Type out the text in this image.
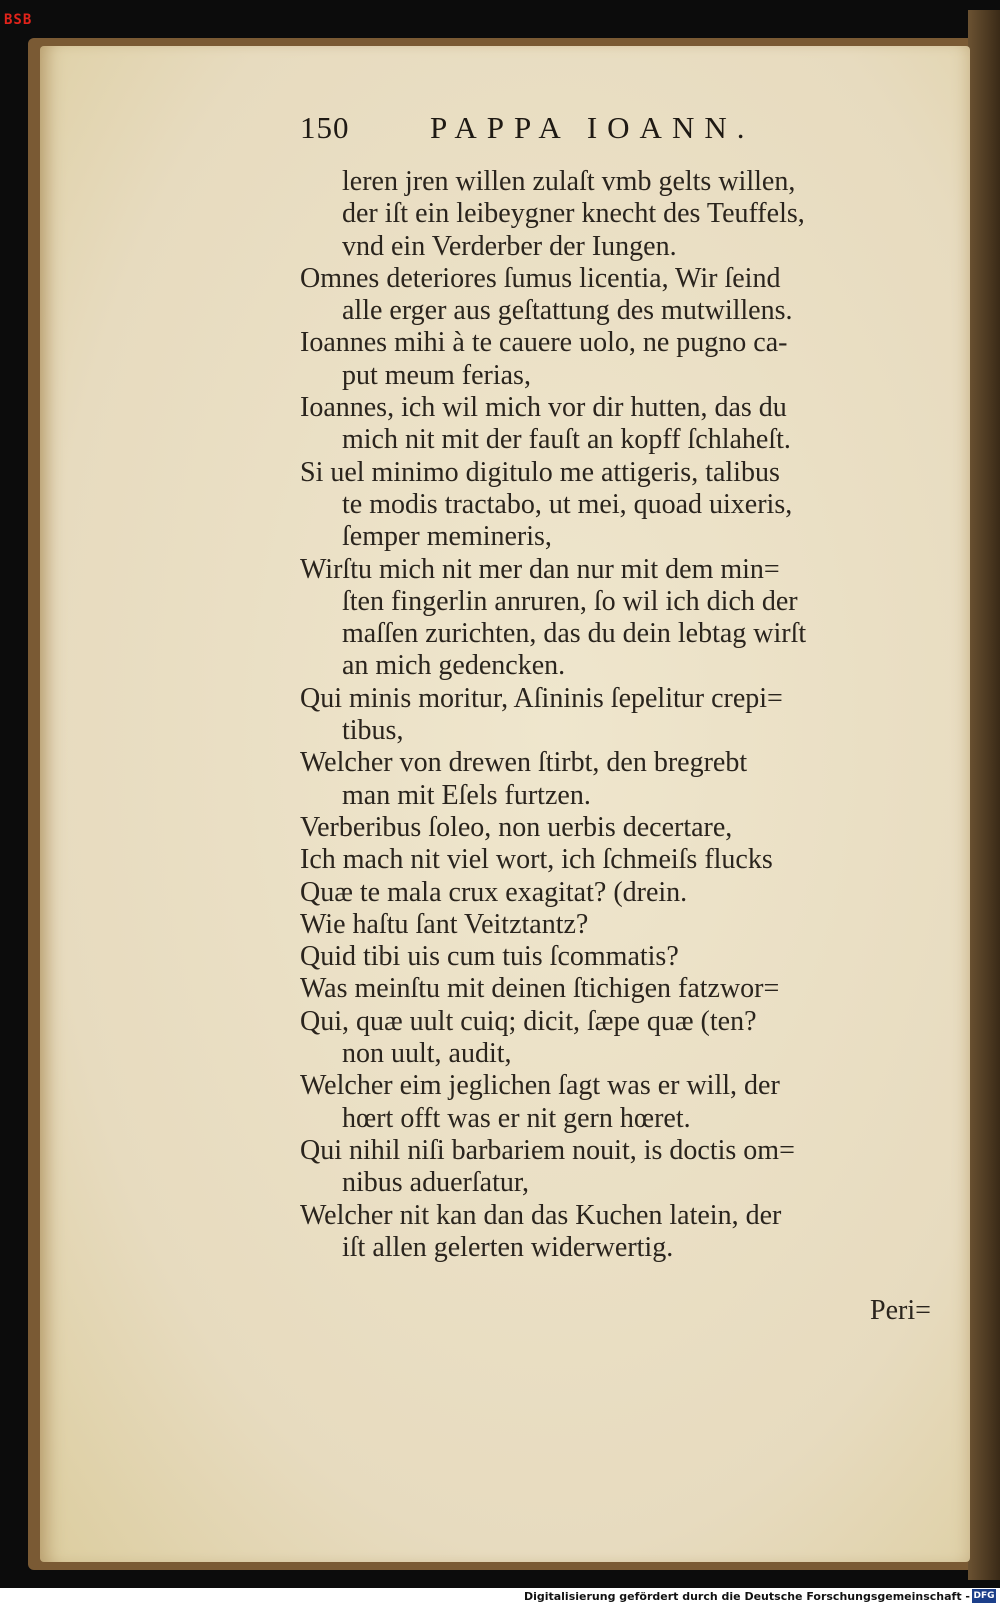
BSB
150	PAPPA IOANN.
leren jren willen zulaſt vmb gelts willen,
der iſt ein leibeygner knecht des Teuffels,
vnd ein Verderber der Iungen.
Omnes deteriores ſumus licentia, Wir ſeind
alle erger aus geſtattung des mutwillens.
Ioannes mihi à te cauere uolo, ne pugno ca-
put meum ferias,
Ioannes, ich wil mich vor dir hutten, das du
mich nit mit der fauſt an kopff ſchlaheſt.
Si uel minimo digitulo me attigeris, talibus
te modis tractabo, ut mei, quoad uixeris,
ſemper memineris,
Wirſtu mich nit mer dan nur mit dem min=
ſten fingerlin anruren, ſo wil ich dich der
maſſen zurichten, das du dein lebtag wirſt
an mich gedencken.
Qui minis moritur, Aſininis ſepelitur crepi=
tibus,
Welcher von drewen ſtirbt, den bregrebt
man mit Eſels furtzen.
Verberibus ſoleo, non uerbis decertare,
Ich mach nit viel wort, ich ſchmeiſs flucks
Quæ te mala crux exagitat? (drein.
Wie haſtu ſant Veitztantz?
Quid tibi uis cum tuis ſcommatis?
Was meinſtu mit deinen ſtichigen fatzwor=
Qui, quæ uult cuiq; dicit, ſæpe quæ (ten?
non uult, audit,
Welcher eim jeglichen ſagt was er will, der
hœrt offt was er nit gern hœret.
Qui nihil niſi barbariem nouit, is doctis om=
nibus aduerſatur,
Welcher nit kan dan das Kuchen latein, der
iſt allen gelerten widerwertig.
Peri=
Digitalisierung gefördert durch die Deutsche Forschungsgemeinschaft - DFG
